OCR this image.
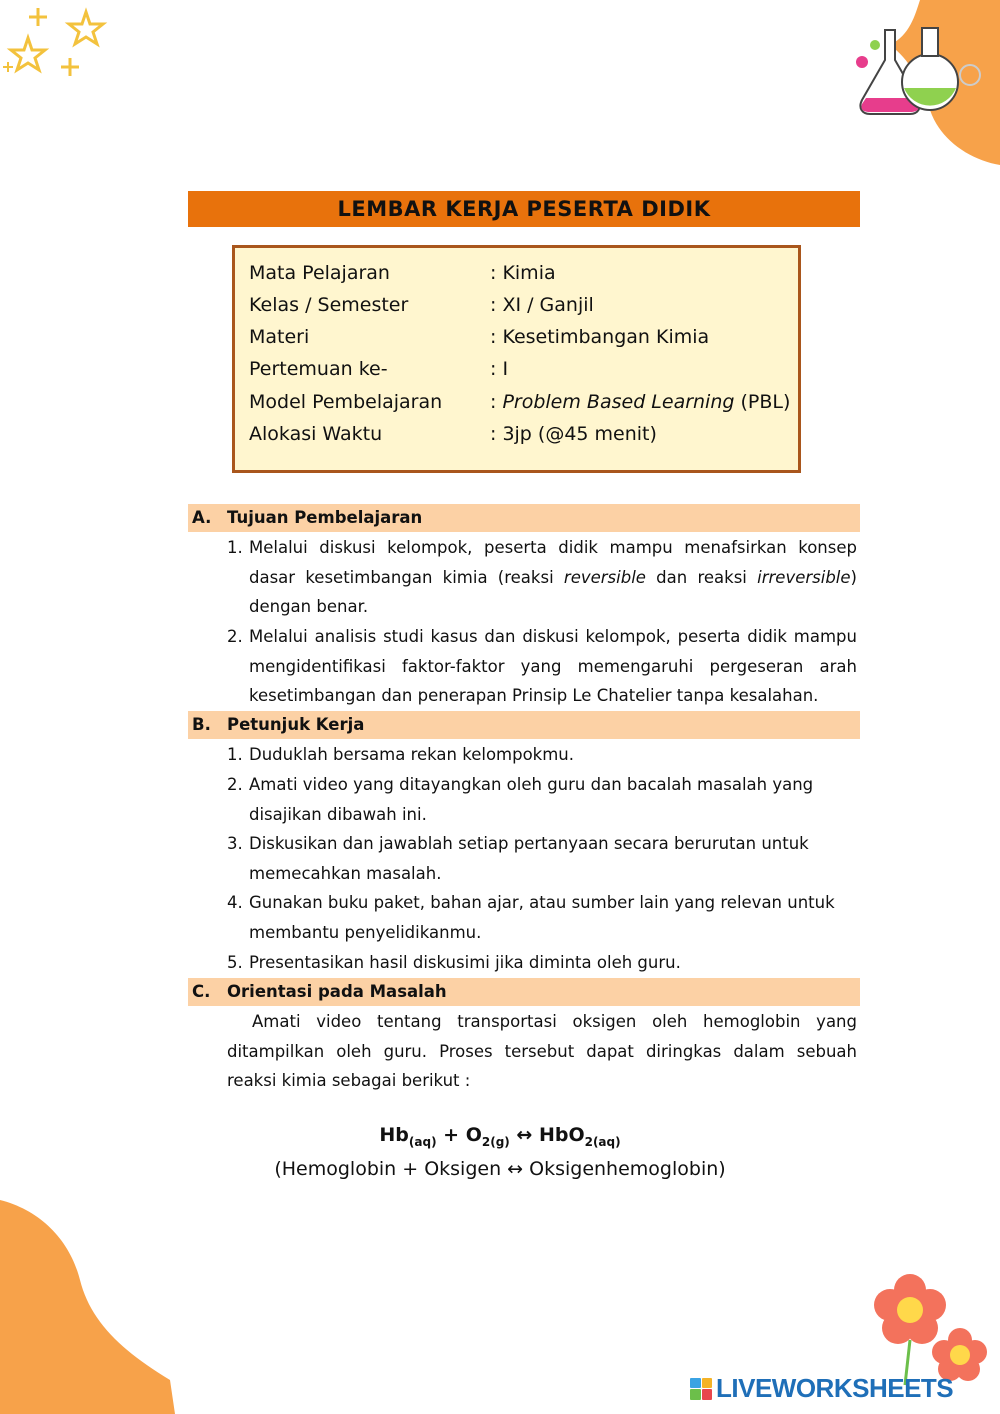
LEMBAR KERJA PESERTA DIDIK
Mata Pelajaran	: Kimia
Kelas / Semester	: XI / Ganjil
Materi	: Kesetimbangan Kimia
Pertemuan ke-	: I
Model Pembelajaran	: Problem Based Learning (PBL)
Alokasi Waktu	: 3jp (@45 menit)
A. Tujuan Pembelajaran
1. Melalui diskusi kelompok, peserta didik mampu menafsirkan konsep dasar kesetimbangan kimia (reaksi reversible dan reaksi irreversible) dengan benar.
2. Melalui analisis studi kasus dan diskusi kelompok, peserta didik mampu mengidentifikasi faktor-faktor yang memengaruhi pergeseran arah kesetimbangan dan penerapan Prinsip Le Chatelier tanpa kesalahan.
B. Petunjuk Kerja
1. Duduklah bersama rekan kelompokmu.
2. Amati video yang ditayangkan oleh guru dan bacalah masalah yang disajikan dibawah ini.
3. Diskusikan dan jawablah setiap pertanyaan secara berurutan untuk memecahkan masalah.
4. Gunakan buku paket, bahan ajar, atau sumber lain yang relevan untuk membantu penyelidikanmu.
5. Presentasikan hasil diskusimi jika diminta oleh guru.
C. Orientasi pada Masalah
Amati video tentang transportasi oksigen oleh hemoglobin yang ditampilkan oleh guru. Proses tersebut dapat diringkas dalam sebuah reaksi kimia sebagai berikut :
$Hb_{(aq)} + O_{2(g)}$ ↔ HbO$_{2(aq)}$
(Hemoglobin + Oksigen ↔ Oksigenhemoglobin)
LIVEWORKSHEETS
